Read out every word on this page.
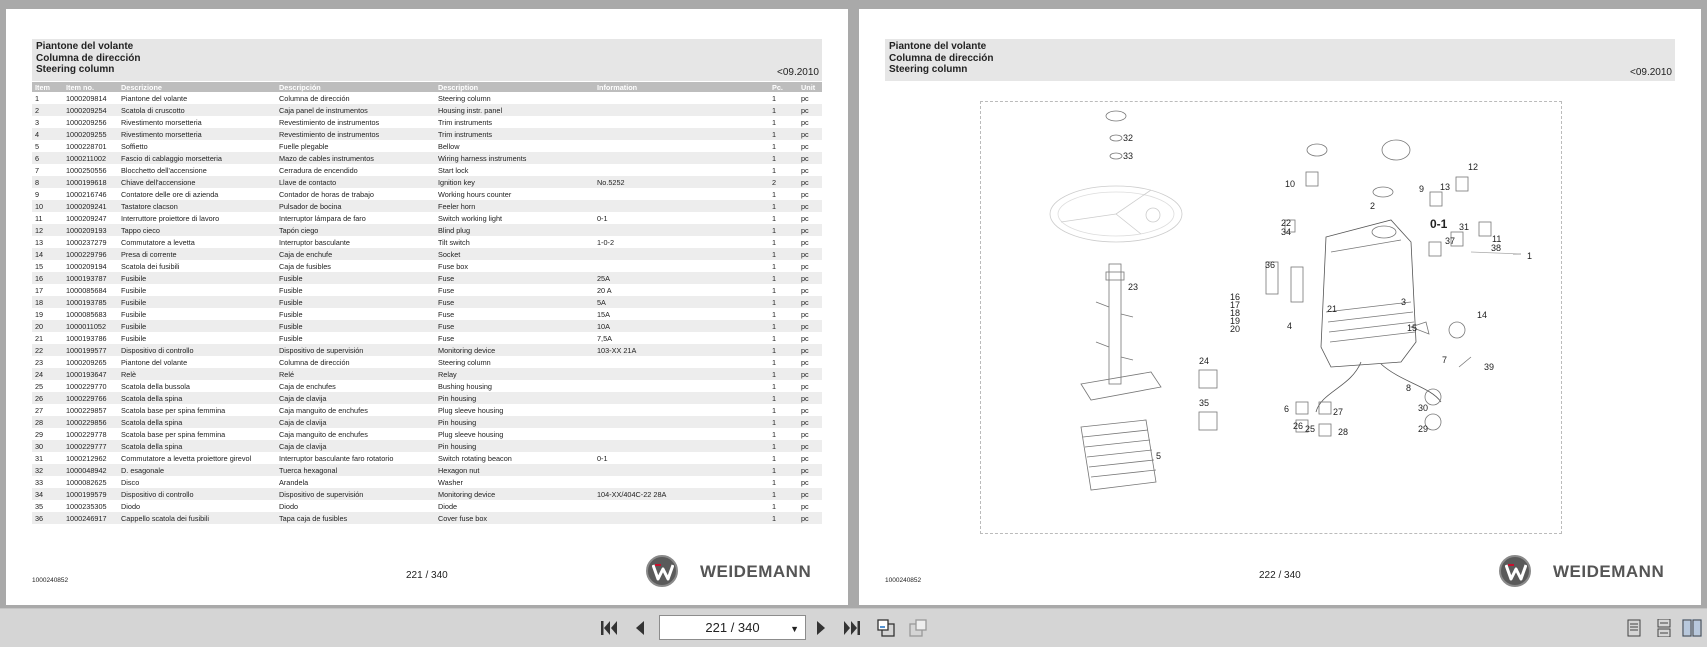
Piantone del volante
Columna de dirección
Steering column	<09.2010
Item	Item no.	Descrizione	Descripción	Description	Information	Pc.	Unit
1	1000209814	Piantone del volante	Columna de dirección	Steering column		1	pc
2	1000209254	Scatola di cruscotto	Caja panel de instrumentos	Housing instr. panel		1	pc
3	1000209256	Rivestimento morsetteria	Revestimiento de instrumentos	Trim instruments		1	pc
4	1000209255	Rivestimento morsetteria	Revestimiento de instrumentos	Trim instruments		1	pc
5	1000228701	Soffietto	Fuelle plegable	Bellow		1	pc
6	1000211002	Fascio di cablaggio morsetteria	Mazo de cables instrumentos	Wiring harness instruments		1	pc
7	1000250556	Blocchetto dell'accensione	Cerradura de encendido	Start lock		1	pc
8	1000199618	Chiave dell'accensione	Llave de contacto	Ignition key	No.5252	2	pc
9	1000216746	Contatore delle ore di azienda	Contador de horas de trabajo	Working hours counter		1	pc
10	1000209241	Tastatore clacson	Pulsador de bocina	Feeler horn		1	pc
11	1000209247	Interruttore proiettore di lavoro	Interruptor lámpara de faro	Switch working light	0-1	1	pc
12	1000209193	Tappo cieco	Tapón ciego	Blind plug		1	pc
13	1000237279	Commutatore a levetta	Interruptor basculante	Tilt switch	1-0-2	1	pc
14	1000229796	Presa di corrente	Caja de enchufe	Socket		1	pc
15	1000209194	Scatola dei fusibili	Caja de fusibles	Fuse box		1	pc
16	1000193787	Fusibile	Fusible	Fuse	25A	1	pc
17	1000085684	Fusibile	Fusible	Fuse	20 A	1	pc
18	1000193785	Fusibile	Fusible	Fuse	5A	1	pc
19	1000085683	Fusibile	Fusible	Fuse	15A	1	pc
20	1000011052	Fusibile	Fusible	Fuse	10A	1	pc
21	1000193786	Fusibile	Fusible	Fuse	7,5A	1	pc
22	1000199577	Dispositivo di controllo	Dispositivo de supervisión	Monitoring device	103-XX 21A	1	pc
23	1000209265	Piantone del volante	Columna de dirección	Steering column		1	pc
24	1000193647	Relè	Relé	Relay		1	pc
25	1000229770	Scatola della bussola	Caja de enchufes	Bushing housing		1	pc
26	1000229766	Scatola della spina	Caja de clavija	Pin housing		1	pc
27	1000229857	Scatola base per spina femmina	Caja manguito de enchufes	Plug sleeve housing		1	pc
28	1000229856	Scatola della spina	Caja de clavija	Pin housing		1	pc
29	1000229778	Scatola base per spina femmina	Caja manguito de enchufes	Plug sleeve housing		1	pc
30	1000229777	Scatola della spina	Caja de clavija	Pin housing		1	pc
31	1000212962	Commutatore a levetta proiettore girevol	Interruptor basculante faro rotatorio	Switch rotating beacon	0-1	1	pc
32	1000048942	D. esagonale	Tuerca hexagonal	Hexagon nut		1	pc
33	1000082625	Disco	Arandela	Washer		1	pc
34	1000199579	Dispositivo di controllo	Dispositivo de supervisión	Monitoring device	104-XX/404C-22 28A	1	pc
35	1000235305	Diodo	Diodo	Diode		1	pc
36	1000246917	Cappello scatola dei fusibili	Tapa caja de fusibles	Cover fuse box		1	pc
1000240852	221 / 340	WEIDEMANN
Piantone del volante
Columna de dirección
Steering column	<09.2010
32
33
23
5
10
2
9 13
12
22
34
0-1 31
37	11
38
1
36
16
17
18
19
20
21
3
4	15
14
7
39
8
24
35
6
25
27
26
28
30
29
1000240852	222 / 340	WEIDEMANN
221 / 340	▼
